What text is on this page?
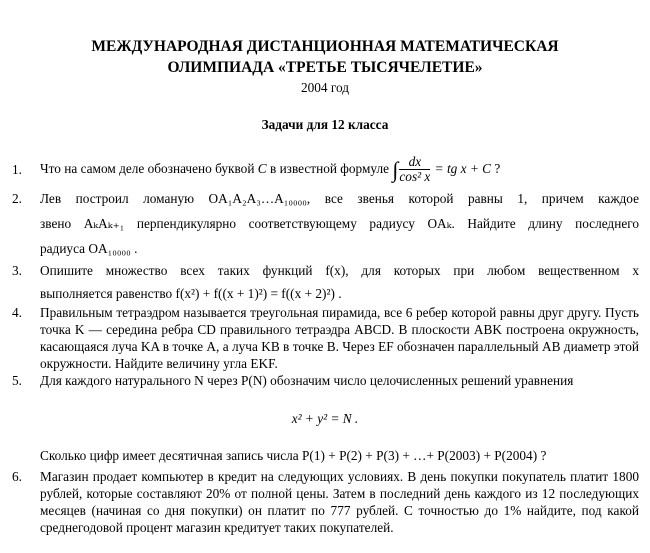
МЕЖДУНАРОДНАЯ ДИСТАНЦИОННАЯ МАТЕМАТИЧЕСКАЯ
ОЛИМПИАДА «ТРЕТЬЕ ТЫСЯЧЕЛЕТИЕ»
2004 год
Задачи для 12 класса
1.	Что на самом деле обозначено буквой C в известной формуле ∫ $\frac{dx}{\text{cos² x}}$ = tg x + C ?
2.	Лев построил ломаную OA₁A₂A₃…A₁₀₀₀₀, все звенья которой равны 1, причем каждое
звено AₖAₖ₊₁ перпендикулярно соответствующему радиусу OAₖ. Найдите длину последнего
радиуса OA₁₀₀₀₀ .
3.	Опишите множество всех таких функций f(x), для которых при любом вещественном x
выполняется равенство f(x²) + f((x + 1)²) = f((x + 2)²) .
4.	Правильным тетраэдром называется треугольная пирамида, все 6 ребер которой равны друг другу. Пусть точка K — середина ребра CD правильного тетраэдра ABCD. В плоскости ABK построена окружность, касающаяся луча KA в точке A, а луча KB в точке B. Через EF обозначен параллельный AB диаметр этой окружности. Найдите величину угла EKF.
5.	Для каждого натурального N через P(N) обозначим число целочисленных решений уравнения
x² + y² = N .
Сколько цифр имеет десятичная запись числа P(1) + P(2) + P(3) + …+ P(2003) + P(2004) ?
6.	Магазин продает компьютер в кредит на следующих условиях. В день покупки покупатель платит 1800 рублей, которые составляют 20% от полной цены. Затем в последний день каждого из 12 последующих месяцев (начиная со дня покупки) он платит по 777 рублей. С точностью до 1% найдите, под какой среднегодовой процент магазин кредитует таких покупателей.
